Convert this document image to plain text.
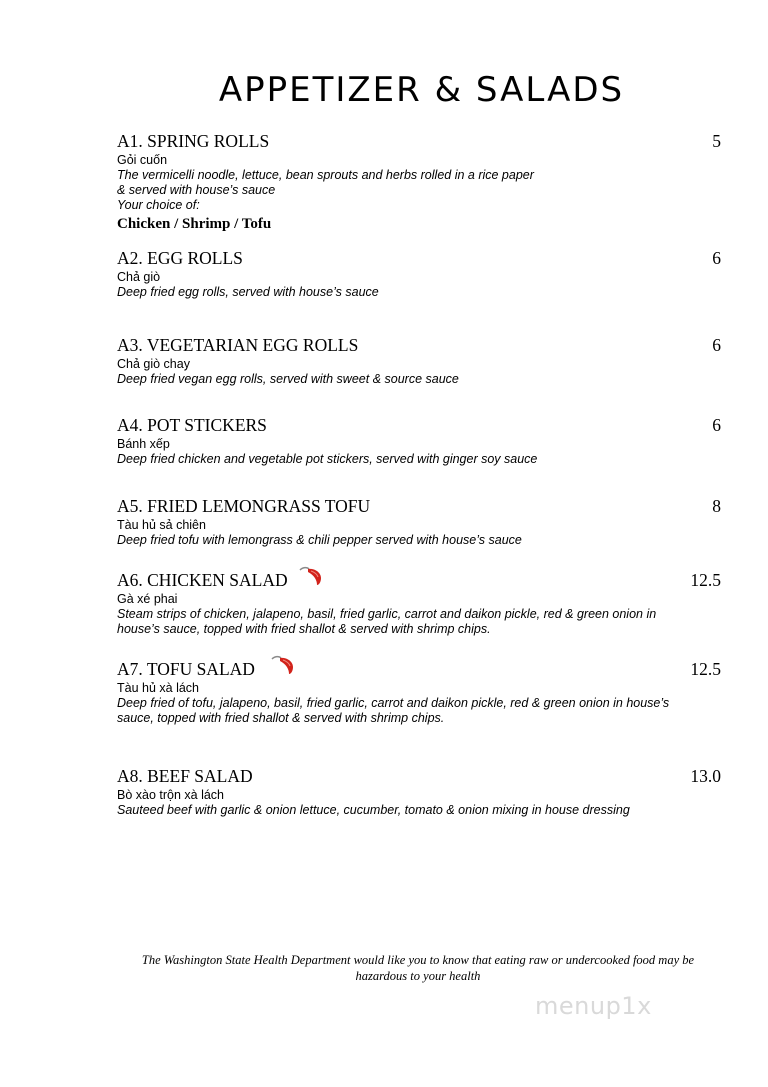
APPETIZER & SALADS
A1. SPRING ROLLS	5
Gỏi cuốn
The vermicelli noodle, lettuce, bean sprouts and herbs rolled in a rice paper
& served with house’s sauce
Your choice of:
Chicken / Shrimp / Tofu
A2. EGG ROLLS	6
Chả giò
Deep fried egg rolls, served with house’s sauce
A3. VEGETARIAN EGG ROLLS	6
Chả giò chay
Deep fried vegan egg rolls, served with sweet & source sauce
A4. POT STICKERS	6
Bánh xếp
Deep fried chicken and vegetable pot stickers, served with ginger soy sauce
A5. FRIED LEMONGRASS TOFU	8
Tàu hủ sả chiên
Deep fried tofu with lemongrass & chili pepper served with house’s sauce
A6. CHICKEN SALAD	12.5
Gà xé phai
Steam strips of chicken, jalapeno, basil, fried garlic, carrot and daikon pickle, red & green onion in
house’s sauce, topped with fried shallot & served with shrimp chips.
A7. TOFU SALAD	12.5
Tàu hủ xà lách
Deep fried of tofu, jalapeno, basil, fried garlic, carrot and daikon pickle, red & green onion in house’s
sauce, topped with fried shallot & served with shrimp chips.
A8. BEEF SALAD	13.0
Bò xào trộn xà lách
Sauteed beef with garlic & onion lettuce, cucumber, tomato & onion mixing in house dressing
The Washington State Health Department would like you to know that eating raw or undercooked food may be
hazardous to your health
menup1x
